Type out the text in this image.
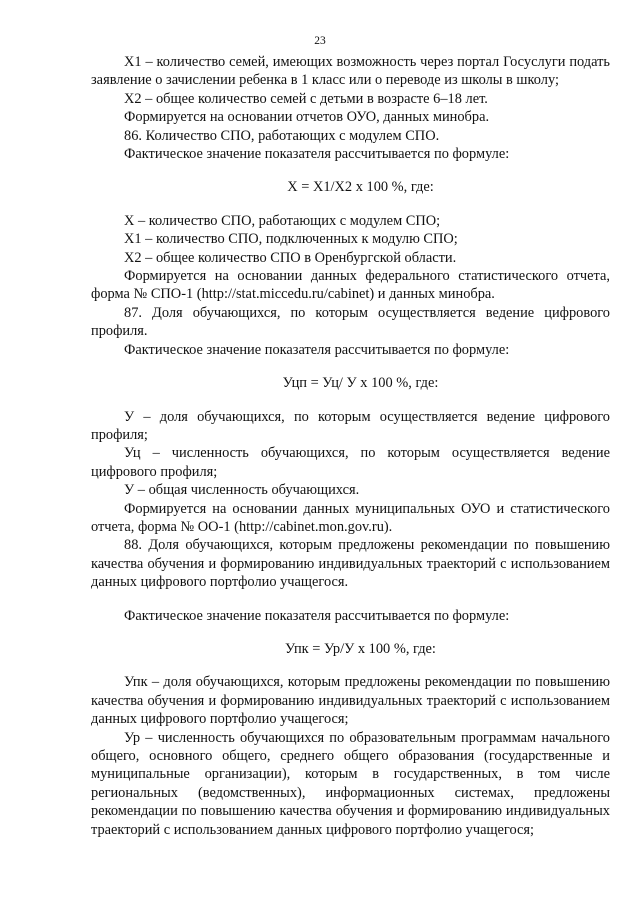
23

X1 – количество семей, имеющих возможность через портал Госуслуги подать заявление о зачислении ребенка в 1 класс или о переводе из школы в школу;

X2 – общее количество семей с детьми в возрасте 6–18 лет.

Формируется на основании отчетов ОУО, данных минобра.

86. Количество СПО, работающих с модулем СПО.

Фактическое значение показателя рассчитывается по формуле:

X = X1/X2 x 100 %, где:

X – количество СПО, работающих с модулем СПО;

X1 – количество СПО, подключенных к модулю СПО;

X2 – общее количество СПО в Оренбургской области.

Формируется на основании данных федерального статистического отчета, форма № СПО-1 (http://stat.miccedu.ru/cabinet) и данных минобра.

87. Доля обучающихся, по которым осуществляется ведение цифрового профиля.

Фактическое значение показателя рассчитывается по формуле:

Уцп = Уц/ У x 100 %, где:

У – доля обучающихся, по которым осуществляется ведение цифрового профиля;

Уц – численность обучающихся, по которым осуществляется ведение цифрового профиля;

У – общая численность обучающихся.

Формируется на основании данных муниципальных ОУО и статистического отчета, форма № ОО-1 (http://cabinet.mon.gov.ru).

88. Доля обучающихся, которым предложены рекомендации по повышению качества обучения и формированию индивидуальных траекторий с использованием данных цифрового портфолио учащегося.

Фактическое значение показателя рассчитывается по формуле:

Упк = Ур/У x 100 %, где:

Упк – доля обучающихся, которым предложены рекомендации по повышению качества обучения и формированию индивидуальных траекторий с использованием данных цифрового портфолио учащегося;

Ур – численность обучающихся по образовательным программам начального общего, основного общего, среднего общего образования (государственные и муниципальные организации), которым в государственных, в том числе региональных (ведомственных), информационных системах, предложены рекомендации по повышению качества обучения и формированию индивидуальных траекторий с использованием данных цифрового портфолио учащегося;
